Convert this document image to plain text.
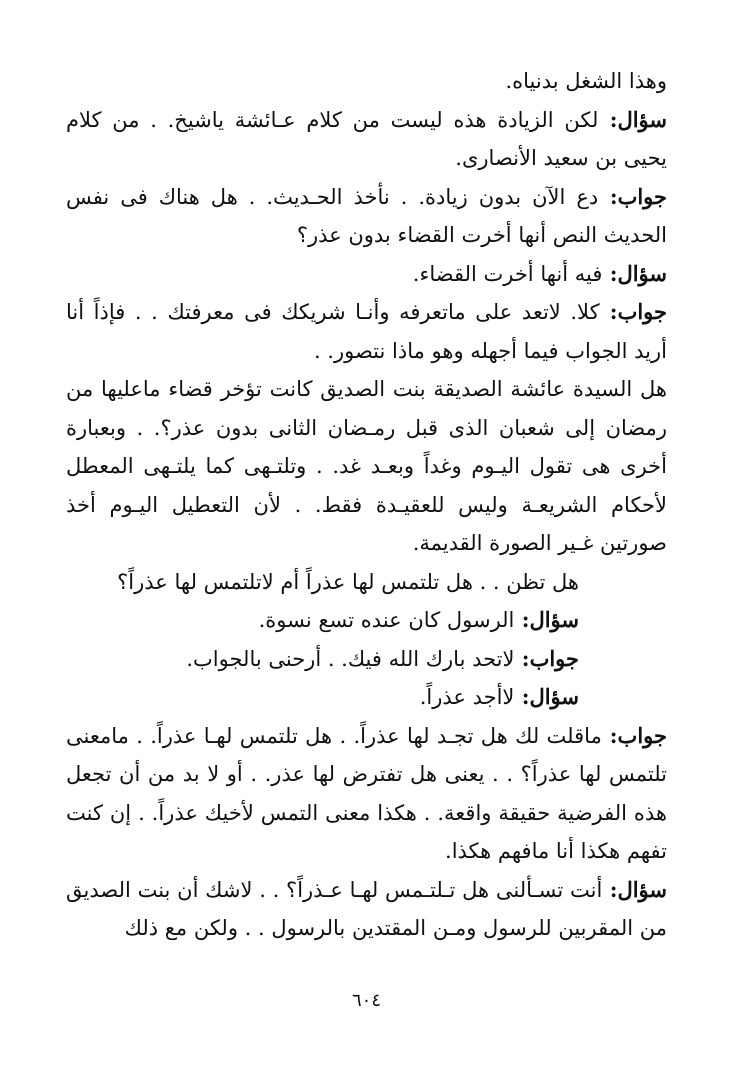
وهذا الشغل بدنياه.

سؤال: لكن الزيادة هذه ليست من كلام عـائشة ياشيخ. . من كلام يحيى بن سعيد الأنصارى.

جواب: دع الآن بدون زيادة. . نأخذ الحـديث. . هل هناك فى نفس الحديث النص أنها أخرت القضاء بدون عذر؟

سؤال: فيه أنها أخرت القضاء.

جواب: كلا. لاتعد على ماتعرفه وأنـا شريكك فى معرفتك . . فإذاً أنا أريد الجواب فيما أجهله وهو ماذا نتصور. .

هل السيدة عائشة الصديقة بنت الصديق كانت تؤخر قضاء ماعليها من رمضان إلى شعبان الذى قبل رمـضان الثانى بدون عذر؟. . وبعبارة أخرى هى تقول اليـوم وغداً وبعـد غد. . وتلتـهى كما يلتـهى المعطل لأحكام الشريعـة وليس للعقيـدة فقط. . لأن التعطيل اليـوم أخذ صورتين غـير الصورة القديمة.

هل تظن . . هل تلتمس لها عذراً أم لاتلتمس لها عذراً؟

سؤال: الرسول كان عنده تسع نسوة.

جواب: لاتحد بارك الله فيك. . أرحنى بالجواب.

سؤال: لاأجد عذراً.

جواب: ماقلت لك هل تجـد لها عذراً. . هل تلتمس لهـا عذراً. . مامعنى تلتمس لها عذراً؟ . . يعنى هل تفترض لها عذر. . أو لا بد من أن تجعل هذه الفرضية حقيقة واقعة. . هكذا معنى التمس لأخيك عذراً. . إن كنت تفهم هكذا أنا مافهم هكذا.

سؤال: أنت تسـألنى هل تـلتـمس لهـا عـذراً؟ . . لاشك أن بنت الصديق من المقربين للرسول ومـن المقتدين بالرسول . . ولكن مع ذلك

٦٠٤
